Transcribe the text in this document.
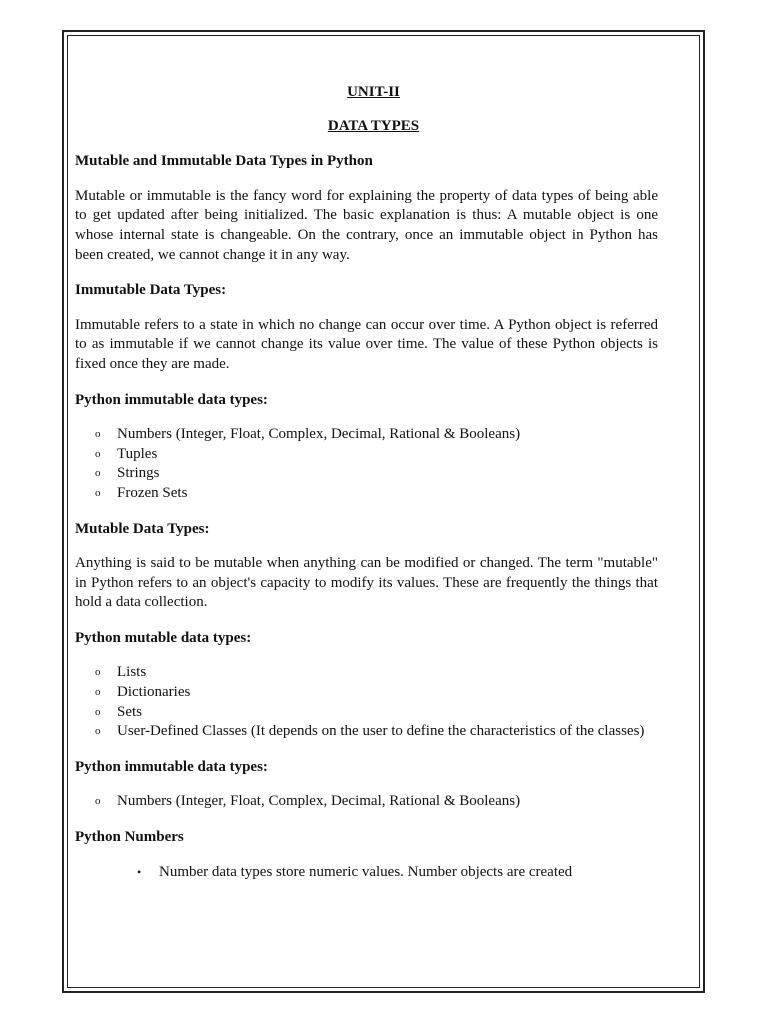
UNIT-II
DATA TYPES
Mutable and Immutable Data Types in Python

Mutable or immutable is the fancy word for explaining the property of data types of being able to get updated after being initialized. The basic explanation is thus: A mutable object is one whose internal state is changeable. On the contrary, once an immutable object in Python has been created, we cannot change it in any way.

Immutable Data Types:

Immutable refers to a state in which no change can occur over time. A Python object is referred to as immutable if we cannot change its value over time. The value of these Python objects is fixed once they are made.

Python immutable data types:
o Numbers (Integer, Float, Complex, Decimal, Rational & Booleans)
o Tuples
o Strings
o Frozen Sets
Mutable Data Types:

Anything is said to be mutable when anything can be modified or changed. The term "mutable" in Python refers to an object's capacity to modify its values. These are frequently the things that hold a data collection.

Python mutable data types:
o Lists
o Dictionaries
o Sets
o User-Defined Classes (It depends on the user to define the characteristics of the classes)
Python immutable data types:
o Numbers (Integer, Float, Complex, Decimal, Rational & Booleans)
Python Numbers
• Number data types store numeric values. Number objects are created
